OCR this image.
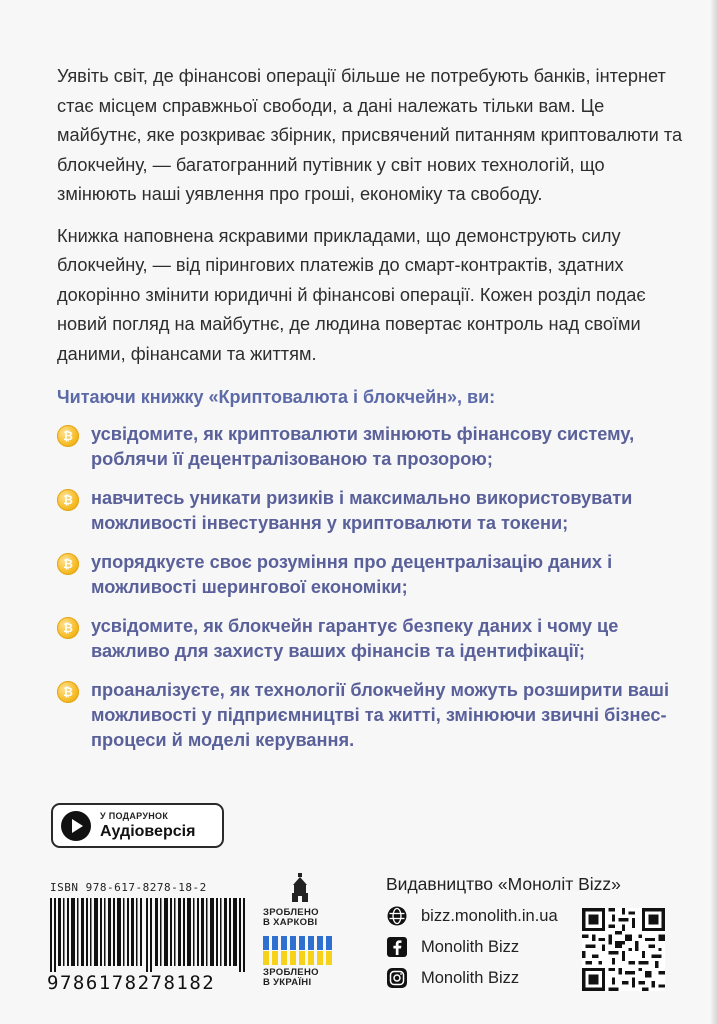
Уявіть світ, де фінансові операції більше не потребують банків, інтернет стає місцем справжньої свободи, а дані належать тільки вам. Це майбутнє, яке розкриває збірник, присвячений питанням криптовалюти та блокчейну, — багатогранний путівник у світ нових технологій, що змінюють наші уявлення про гроші, економіку та свободу.

Книжка наповнена яскравими прикладами, що демонструють силу блокчейну, — від пірингових платежів до смарт-контрактів, здатних докорінно змінити юридичні й фінансові операції. Кожен розділ подає новий погляд на майбутнє, де людина повертає контроль над своїми даними, фінансами та життям.

Читаючи книжку «Криптовалюта і блокчейн», ви:

₿ усвідомите, як криптовалюти змінюють фінансову систему, роблячи її децентралізованою та прозорою;
₿ навчитесь уникати ризиків і максимально використовувати можливості інвестування у криптовалюти та токени;
₿ упорядкуєте своє розуміння про децентралізацію даних і можливості шерингової економіки;
₿ усвідомите, як блокчейн гарантує безпеку даних і чому це важливо для захисту ваших фінансів та ідентифікації;
₿ проаналізуєте, як технології блокчейну можуть розширити ваші можливості у підприємництві та житті, змінюючи звичні бізнес-процеси й моделі керування.
У ПОДАРУНОК
Аудіоверсія
ISBN 978-617-8278-18-2
9786178278182
ЗРОБЛЕНО
В ХАРКОВІ
ЗРОБЛЕНО
В УКРАЇНІ
Видавництво «Моноліт Bizz»
bizz.monolith.in.ua
Monolith Bizz
Monolith Bizz
